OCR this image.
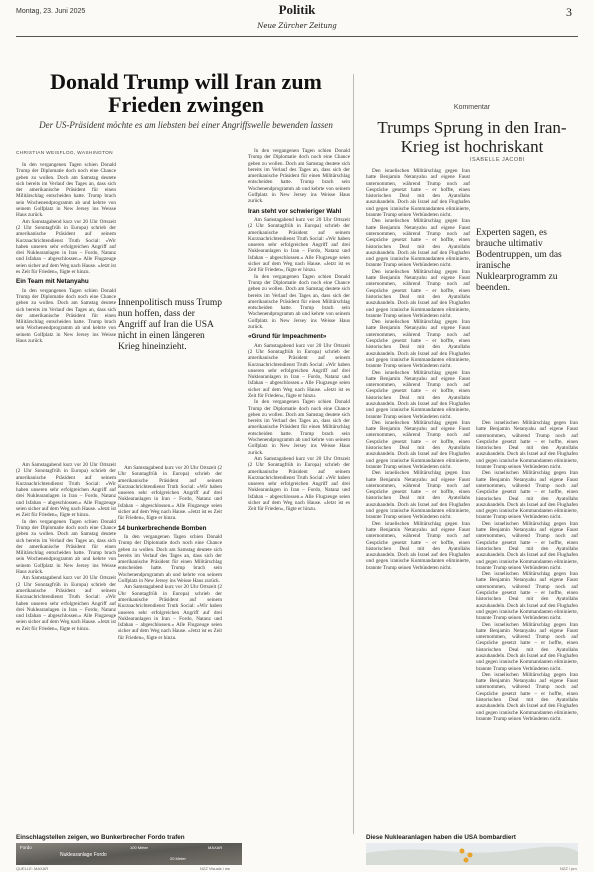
Montag, 23. Juni 2025	Politik
Neue Zürcher Zeitung
3
Donald Trump will Iran zum Frieden zwingen
Der US-Präsident möchte es am liebsten bei einer Angriffswelle bewenden lassen
CHRISTIAN WEISFLOG, WASHINGTON

In den vergangenen Tagen schien Donald Trump der Diplomatie doch noch eine Chance geben zu wollen. Doch am Samstag deutete sich bereits im Verlauf des Tages an, dass sich der amerikanische Präsident für einen Militärschlag entscheiden hatte. Trump brach sein Wochenendprogramm ab und kehrte von seinem Golfplatz in New Jersey ins Weisse Haus zurück.

Am Samstagabend kurz vor 20 Uhr Ortszeit (2 Uhr Sonntagfrüh in Europa) schrieb der amerikanische Präsident auf seinem Kurznachrichtendienst Truth Social: «Wir haben unseren sehr erfolgreichen Angriff auf drei Nuklearanlagen in Iran – Fordo, Natanz und Isfahan – abgeschlossen.» Alle Flugzeuge seien sicher auf dem Weg nach Hause. «Jetzt ist es Zeit für Frieden», fügte er hinzu.

Ein Team mit Netanyahu

In den vergangenen Tagen schien Donald Trump der Diplomatie doch noch eine Chance geben zu wollen. Doch am Samstag deutete sich bereits im Verlauf des Tages an, dass sich der amerikanische Präsident für einen Militärschlag entscheiden hatte. Trump brach sein Wochenendprogramm ab und kehrte von seinem Golfplatz in New Jersey ins Weisse Haus zurück.

Am Samstagabend kurz vor 20 Uhr Ortszeit (2 Uhr Sonntagfrüh in Europa) schrieb der amerikanische Präsident auf seinem Kurznachrichtendienst Truth Social: «Wir haben unseren sehr erfolgreichen Angriff auf drei Nuklearanlagen in Iran – Fordo, Natanz und Isfahan – abgeschlossen.» Alle Flugzeuge seien sicher auf dem Weg nach Hause. «Jetzt ist es Zeit für Frieden», fügte er hinzu.

In den vergangenen Tagen schien Donald Trump der Diplomatie doch noch eine Chance geben zu wollen. Doch am Samstag deutete sich bereits im Verlauf des Tages an, dass sich der amerikanische Präsident für einen Militärschlag entscheiden hatte. Trump brach sein Wochenendprogramm ab und kehrte von seinem Golfplatz in New Jersey ins Weisse Haus zurück.

Am Samstagabend kurz vor 20 Uhr Ortszeit (2 Uhr Sonntagfrüh in Europa) schrieb der amerikanische Präsident auf seinem Kurznachrichtendienst Truth Social: «Wir haben unseren sehr erfolgreichen Angriff auf drei Nuklearanlagen in Iran – Fordo, Natanz und Isfahan – abgeschlossen.» Alle Flugzeuge seien sicher auf dem Weg nach Hause. «Jetzt ist es Zeit für Frieden», fügte er hinzu.

Innenpolitisch muss Trump nun hoffen, dass der Angriff auf Iran die USA nicht in einen längeren Krieg hineinzieht.

Am Samstagabend kurz vor 20 Uhr Ortszeit (2 Uhr Sonntagfrüh in Europa) schrieb der amerikanische Präsident auf seinem Kurznachrichtendienst Truth Social: «Wir haben unseren sehr erfolgreichen Angriff auf drei Nuklearanlagen in Iran – Fordo, Natanz und Isfahan – abgeschlossen.» Alle Flugzeuge seien sicher auf dem Weg nach Hause. «Jetzt ist es Zeit für Frieden», fügte er hinzu.

14 bunkerbrechende Bomben

In den vergangenen Tagen schien Donald Trump der Diplomatie doch noch eine Chance geben zu wollen. Doch am Samstag deutete sich bereits im Verlauf des Tages an, dass sich der amerikanische Präsident für einen Militärschlag entscheiden hatte. Trump brach sein Wochenendprogramm ab und kehrte von seinem Golfplatz in New Jersey ins Weisse Haus zurück.

Am Samstagabend kurz vor 20 Uhr Ortszeit (2 Uhr Sonntagfrüh in Europa) schrieb der amerikanische Präsident auf seinem Kurznachrichtendienst Truth Social: «Wir haben unseren sehr erfolgreichen Angriff auf drei Nuklearanlagen in Iran – Fordo, Natanz und Isfahan – abgeschlossen.» Alle Flugzeuge seien sicher auf dem Weg nach Hause. «Jetzt ist es Zeit für Frieden», fügte er hinzu.

In den vergangenen Tagen schien Donald Trump der Diplomatie doch noch eine Chance geben zu wollen. Doch am Samstag deutete sich bereits im Verlauf des Tages an, dass sich der amerikanische Präsident für einen Militärschlag entscheiden hatte. Trump brach sein Wochenendprogramm ab und kehrte von seinem Golfplatz in New Jersey ins Weisse Haus zurück.

Iran steht vor schwieriger Wahl

Am Samstagabend kurz vor 20 Uhr Ortszeit (2 Uhr Sonntagfrüh in Europa) schrieb der amerikanische Präsident auf seinem Kurznachrichtendienst Truth Social: «Wir haben unseren sehr erfolgreichen Angriff auf drei Nuklearanlagen in Iran – Fordo, Natanz und Isfahan – abgeschlossen.» Alle Flugzeuge seien sicher auf dem Weg nach Hause. «Jetzt ist es Zeit für Frieden», fügte er hinzu.

In den vergangenen Tagen schien Donald Trump der Diplomatie doch noch eine Chance geben zu wollen. Doch am Samstag deutete sich bereits im Verlauf des Tages an, dass sich der amerikanische Präsident für einen Militärschlag entscheiden hatte. Trump brach sein Wochenendprogramm ab und kehrte von seinem Golfplatz in New Jersey ins Weisse Haus zurück.

«Grund für Impeachment»

Am Samstagabend kurz vor 20 Uhr Ortszeit (2 Uhr Sonntagfrüh in Europa) schrieb der amerikanische Präsident auf seinem Kurznachrichtendienst Truth Social: «Wir haben unseren sehr erfolgreichen Angriff auf drei Nuklearanlagen in Iran – Fordo, Natanz und Isfahan – abgeschlossen.» Alle Flugzeuge seien sicher auf dem Weg nach Hause. «Jetzt ist es Zeit für Frieden», fügte er hinzu.

In den vergangenen Tagen schien Donald Trump der Diplomatie doch noch eine Chance geben zu wollen. Doch am Samstag deutete sich bereits im Verlauf des Tages an, dass sich der amerikanische Präsident für einen Militärschlag entscheiden hatte. Trump brach sein Wochenendprogramm ab und kehrte von seinem Golfplatz in New Jersey ins Weisse Haus zurück.

Am Samstagabend kurz vor 20 Uhr Ortszeit (2 Uhr Sonntagfrüh in Europa) schrieb der amerikanische Präsident auf seinem Kurznachrichtendienst Truth Social: «Wir haben unseren sehr erfolgreichen Angriff auf drei Nuklearanlagen in Iran – Fordo, Natanz und Isfahan – abgeschlossen.» Alle Flugzeuge seien sicher auf dem Weg nach Hause. «Jetzt ist es Zeit für Frieden», fügte er hinzu.

Einschlagstellen zeigen, wo Bunkerbrecher Fordo trafen
Kommentar
Trumps Sprung in den Iran-Krieg ist hochriskant
ISABELLE JACOBI

Den israelischen Militärschlag gegen Iran hatte Benjamin Netanyahu auf eigene Faust unternommen, während Trump noch auf Gespräche gesetzt hatte – er hoffte, einen historischen Deal mit den Ayatollahs auszuhandeln. Doch als Israel auf den Flughafen und gegen iranische Kommandanten eliminierte, brannte Trump seinen Verbündeten nicht.

Den israelischen Militärschlag gegen Iran hatte Benjamin Netanyahu auf eigene Faust unternommen, während Trump noch auf Gespräche gesetzt hatte – er hoffte, einen historischen Deal mit den Ayatollahs auszuhandeln. Doch als Israel auf den Flughafen und gegen iranische Kommandanten eliminierte, brannte Trump seinen Verbündeten nicht.

Den israelischen Militärschlag gegen Iran hatte Benjamin Netanyahu auf eigene Faust unternommen, während Trump noch auf Gespräche gesetzt hatte – er hoffte, einen historischen Deal mit den Ayatollahs auszuhandeln. Doch als Israel auf den Flughafen und gegen iranische Kommandanten eliminierte, brannte Trump seinen Verbündeten nicht.

Den israelischen Militärschlag gegen Iran hatte Benjamin Netanyahu auf eigene Faust unternommen, während Trump noch auf Gespräche gesetzt hatte – er hoffte, einen historischen Deal mit den Ayatollahs auszuhandeln. Doch als Israel auf den Flughafen und gegen iranische Kommandanten eliminierte, brannte Trump seinen Verbündeten nicht.

Den israelischen Militärschlag gegen Iran hatte Benjamin Netanyahu auf eigene Faust unternommen, während Trump noch auf Gespräche gesetzt hatte – er hoffte, einen historischen Deal mit den Ayatollahs auszuhandeln. Doch als Israel auf den Flughafen und gegen iranische Kommandanten eliminierte, brannte Trump seinen Verbündeten nicht.

Den israelischen Militärschlag gegen Iran hatte Benjamin Netanyahu auf eigene Faust unternommen, während Trump noch auf Gespräche gesetzt hatte – er hoffte, einen historischen Deal mit den Ayatollahs auszuhandeln. Doch als Israel auf den Flughafen und gegen iranische Kommandanten eliminierte, brannte Trump seinen Verbündeten nicht.

Den israelischen Militärschlag gegen Iran hatte Benjamin Netanyahu auf eigene Faust unternommen, während Trump noch auf Gespräche gesetzt hatte – er hoffte, einen historischen Deal mit den Ayatollahs auszuhandeln. Doch als Israel auf den Flughafen und gegen iranische Kommandanten eliminierte, brannte Trump seinen Verbündeten nicht.

Den israelischen Militärschlag gegen Iran hatte Benjamin Netanyahu auf eigene Faust unternommen, während Trump noch auf Gespräche gesetzt hatte – er hoffte, einen historischen Deal mit den Ayatollahs auszuhandeln. Doch als Israel auf den Flughafen und gegen iranische Kommandanten eliminierte, brannte Trump seinen Verbündeten nicht.

Experten sagen, es brauche ultimativ Bodentruppen, um das iranische Nuklearprogramm zu beenden.

Den israelischen Militärschlag gegen Iran hatte Benjamin Netanyahu auf eigene Faust unternommen, während Trump noch auf Gespräche gesetzt hatte – er hoffte, einen historischen Deal mit den Ayatollahs auszuhandeln. Doch als Israel auf den Flughafen und gegen iranische Kommandanten eliminierte, brannte Trump seinen Verbündeten nicht.

Den israelischen Militärschlag gegen Iran hatte Benjamin Netanyahu auf eigene Faust unternommen, während Trump noch auf Gespräche gesetzt hatte – er hoffte, einen historischen Deal mit den Ayatollahs auszuhandeln. Doch als Israel auf den Flughafen und gegen iranische Kommandanten eliminierte, brannte Trump seinen Verbündeten nicht.

Den israelischen Militärschlag gegen Iran hatte Benjamin Netanyahu auf eigene Faust unternommen, während Trump noch auf Gespräche gesetzt hatte – er hoffte, einen historischen Deal mit den Ayatollahs auszuhandeln. Doch als Israel auf den Flughafen und gegen iranische Kommandanten eliminierte, brannte Trump seinen Verbündeten nicht.

Den israelischen Militärschlag gegen Iran hatte Benjamin Netanyahu auf eigene Faust unternommen, während Trump noch auf Gespräche gesetzt hatte – er hoffte, einen historischen Deal mit den Ayatollahs auszuhandeln. Doch als Israel auf den Flughafen und gegen iranische Kommandanten eliminierte, brannte Trump seinen Verbündeten nicht.

Den israelischen Militärschlag gegen Iran hatte Benjamin Netanyahu auf eigene Faust unternommen, während Trump noch auf Gespräche gesetzt hatte – er hoffte, einen historischen Deal mit den Ayatollahs auszuhandeln. Doch als Israel auf den Flughafen und gegen iranische Kommandanten eliminierte, brannte Trump seinen Verbündeten nicht.

Den israelischen Militärschlag gegen Iran hatte Benjamin Netanyahu auf eigene Faust unternommen, während Trump noch auf Gespräche gesetzt hatte – er hoffte, einen historischen Deal mit den Ayatollahs auszuhandeln. Doch als Israel auf den Flughafen und gegen iranische Kommandanten eliminierte, brannte Trump seinen Verbündeten nicht.

Diese Nuklearanlagen haben die USA bombardiert
QUELLE: MAXAR	NZZ Visuals / ws
Fordo
Nuklearanlage Fordo
100 Meter
20 Meter
MAXAR
NZZ / pm
